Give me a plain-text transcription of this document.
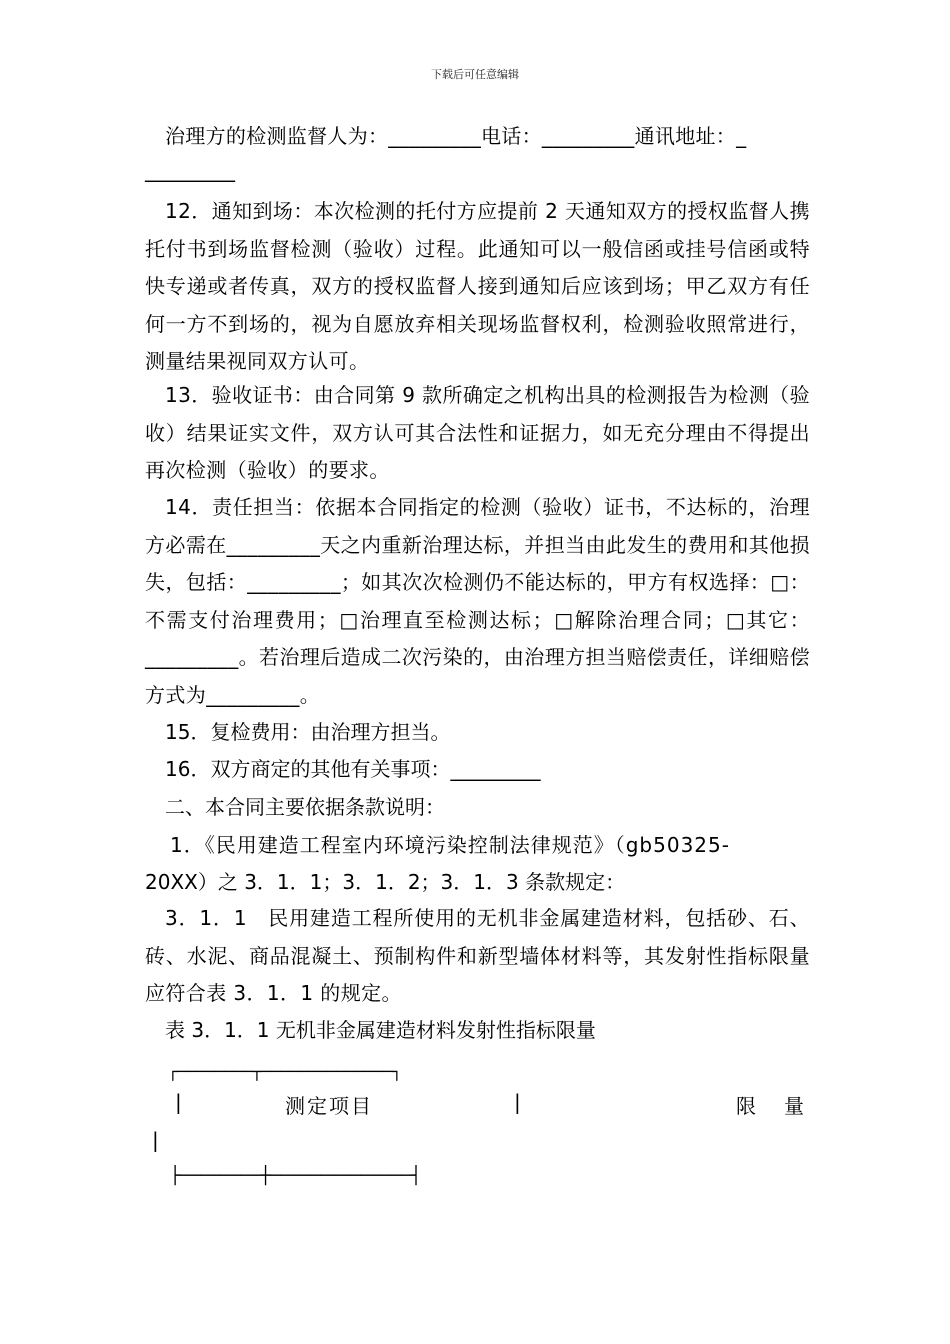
下载后可任意编辑
治理方的检测监督人为：_________电话：_________通讯地址：_
_________
12．通知到场：本次检测的托付方应提前 2 天通知双方的授权监督人携托付书到场监督检测（验收）过程。此通知可以一般信函或挂号信函或特快专递或者传真，双方的授权监督人接到通知后应该到场；甲乙双方有任何一方不到场的，视为自愿放弃相关现场监督权利，检测验收照常进行，测量结果视同双方认可。
13．验收证书：由合同第 9 款所确定之机构出具的检测报告为检测（验收）结果证实文件，双方认可其合法性和证据力，如无充分理由不得提出再次检测（验收）的要求。
14．责任担当：依据本合同指定的检测（验收）证书，不达标的，治理方必需在_________天之内重新治理达标，并担当由此发生的费用和其他损失，包括：_________；如其次次检测仍不能达标的，甲方有权选择：□：不需支付治理费用；□治理直至检测达标；□解除治理合同；□其它：_________。若治理后造成二次污染的，由治理方担当赔偿责任，详细赔偿方式为_________。
15．复检费用：由治理方担当。
16．双方商定的其他有关事项：_________
二、本合同主要依据条款说明：
1．《民用建造工程室内环境污染控制法律规范》（gb50325-
20XX）之 3．1．1；3．1．2；3．1．3 条款规定：
3．1．1　民用建造工程所使用的无机非金属建造材料，包括砂、石、砖、水泥、商品混凝土、预制构件和新型墙体材料等，其发射性指标限量应符合表 3．1．1 的规定。
表 3．1．1 无机非金属建造材料发射性指标限量
┌────────┬──────────────┐
|	测定项目	|	限　量
|
├────────┼──────────────┤
